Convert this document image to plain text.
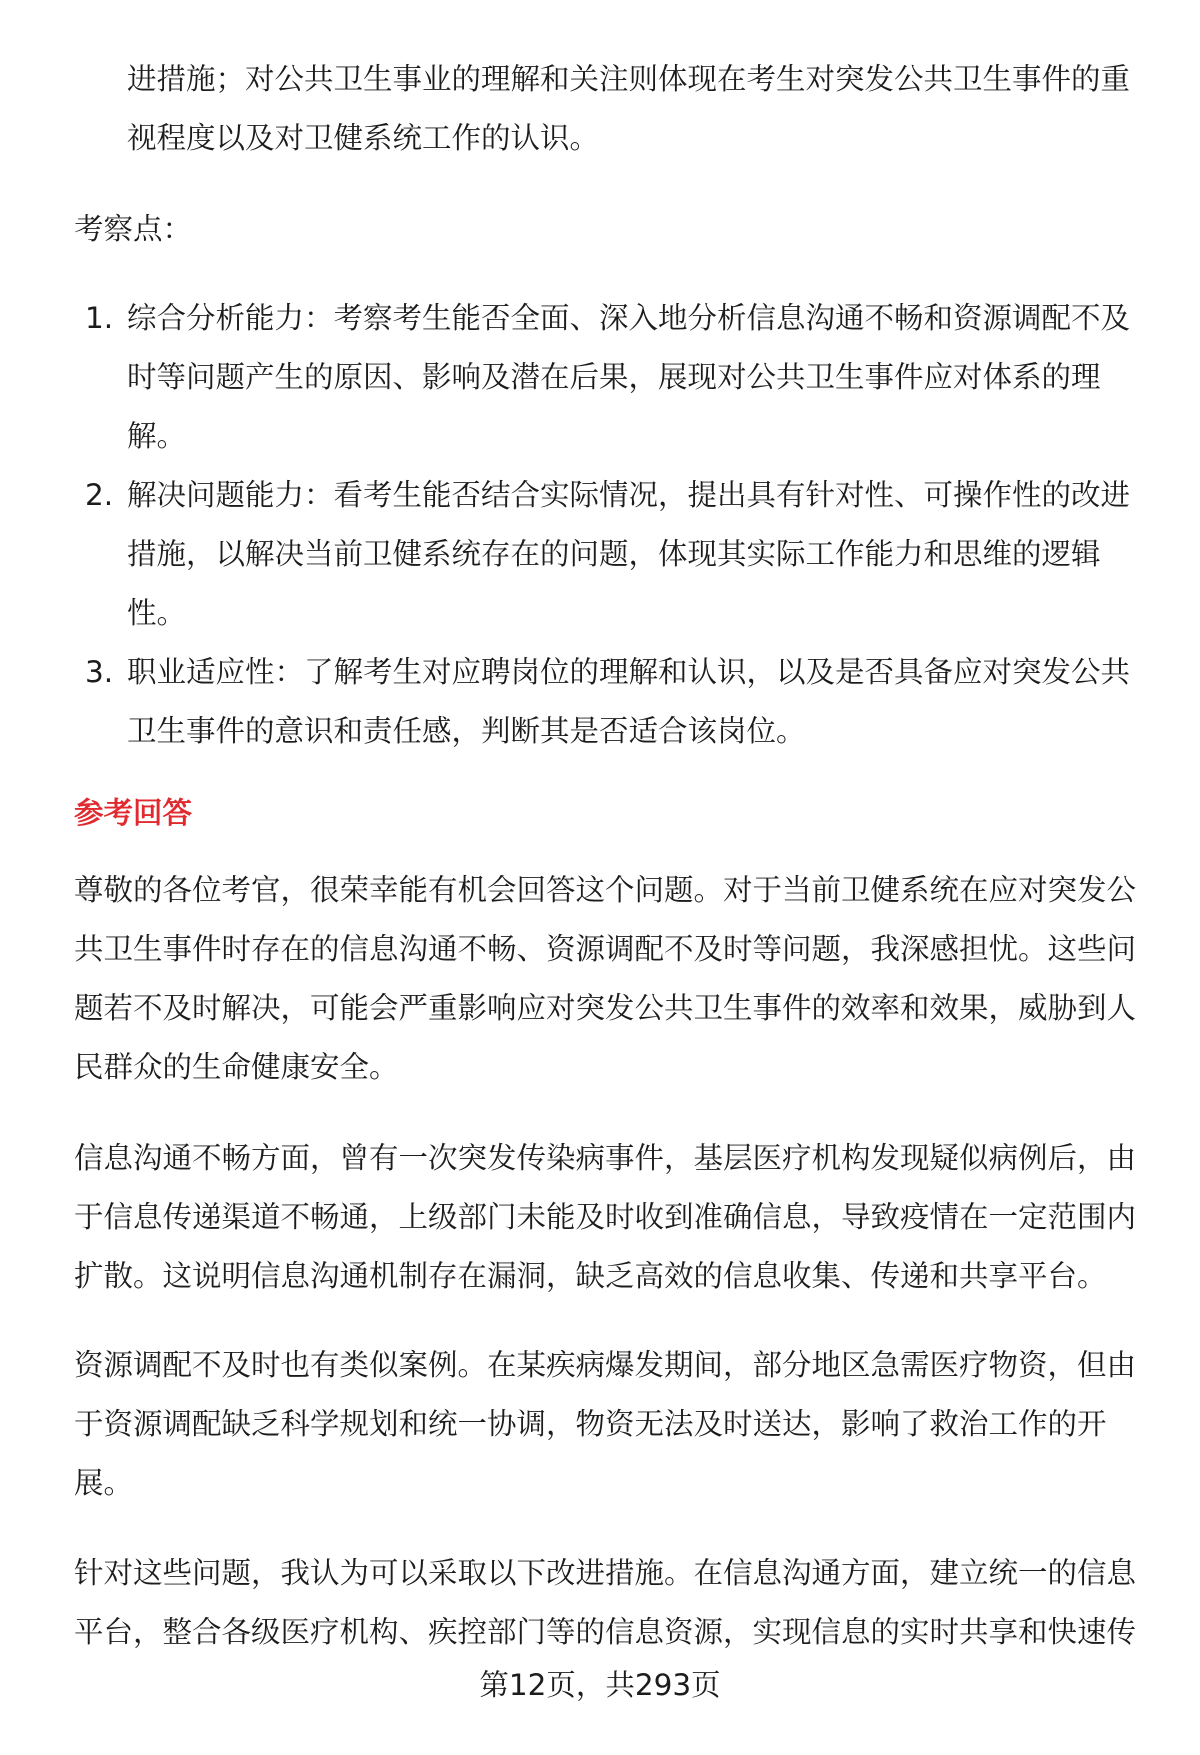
进措施；对公共卫生事业的理解和关注则体现在考生对突发公共卫生事件的重
视程度以及对卫健系统工作的认识。
考察点：
1. 综合分析能力：考察考生能否全面、深入地分析信息沟通不畅和资源调配不及
时等问题产生的原因、影响及潜在后果，展现对公共卫生事件应对体系的理
解。
2. 解决问题能力：看考生能否结合实际情况，提出具有针对性、可操作性的改进
措施，以解决当前卫健系统存在的问题，体现其实际工作能力和思维的逻辑
性。
3. 职业适应性：了解考生对应聘岗位的理解和认识，以及是否具备应对突发公共
卫生事件的意识和责任感，判断其是否适合该岗位。
参考回答
尊敬的各位考官，很荣幸能有机会回答这个问题。对于当前卫健系统在应对突发公
共卫生事件时存在的信息沟通不畅、资源调配不及时等问题，我深感担忧。这些问
题若不及时解决，可能会严重影响应对突发公共卫生事件的效率和效果，威胁到人
民群众的生命健康安全。
信息沟通不畅方面，曾有一次突发传染病事件，基层医疗机构发现疑似病例后，由
于信息传递渠道不畅通，上级部门未能及时收到准确信息，导致疫情在一定范围内
扩散。这说明信息沟通机制存在漏洞，缺乏高效的信息收集、传递和共享平台。
资源调配不及时也有类似案例。在某疾病爆发期间，部分地区急需医疗物资，但由
于资源调配缺乏科学规划和统一协调，物资无法及时送达，影响了救治工作的开
展。
针对这些问题，我认为可以采取以下改进措施。在信息沟通方面，建立统一的信息
平台，整合各级医疗机构、疾控部门等的信息资源，实现信息的实时共享和快速传
第12页，共293页
